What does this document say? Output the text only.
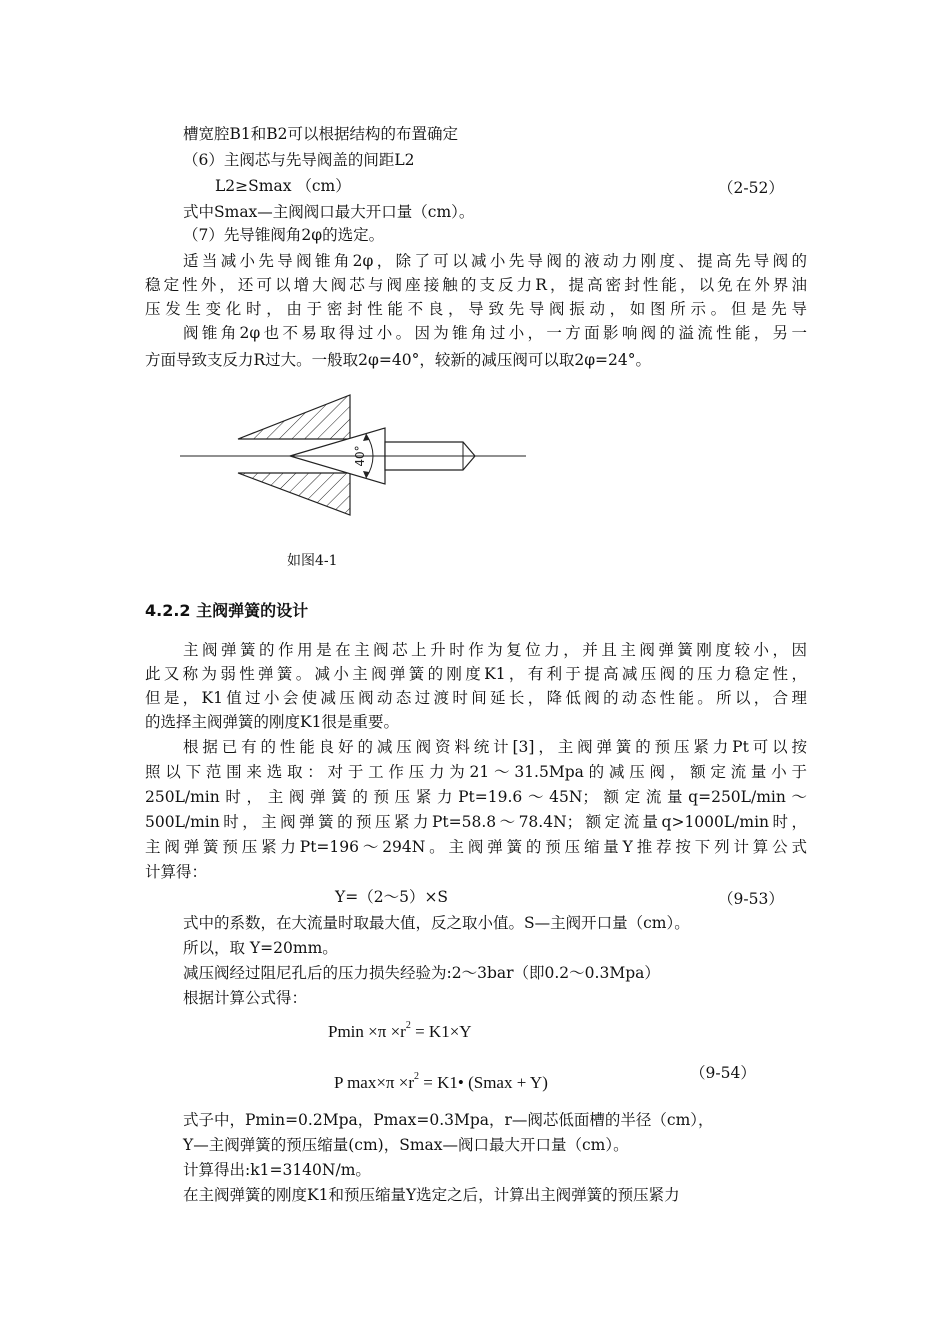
槽宽腔B1和B2可以根据结构的布置确定
（6）主阀芯与先导阀盖的间距L2
L2≥Smax （cm）	（2-52）
式中Smax—主阀阀口最大开口量（cm）。
（7）先导锥阀角2φ的选定。
适当减小先导阀锥角2φ，除了可以减小先导阀的液动力刚度、提高先导阀的
稳定性外，还可以增大阀芯与阀座接触的支反力R，提高密封性能，以免在外界油
压发生变化时，由于密封性能不良，导致先导阀振动，如图所示。但是先导
阀锥角2φ也不易取得过小。因为锥角过小，一方面影响阀的溢流性能，另一
方面导致支反力R过大。一般取2φ=40°，较新的减压阀可以取2φ=24°。
40°
如图4-1
4.2.2 主阀弹簧的设计
主阀弹簧的作用是在主阀芯上升时作为复位力，并且主阀弹簧刚度较小，因
此又称为弱性弹簧。减小主阀弹簧的刚度K1，有利于提高减压阀的压力稳定性，
但是，K1值过小会使减压阀动态过渡时间延长，降低阀的动态性能。所以，合理
的选择主阀弹簧的刚度K1很是重要。
根据已有的性能良好的减压阀资料统计[3]，主阀弹簧的预压紧力Pt可以按
照以下范围来选取：对于工作压力为21～31.5Mpa的减压阀，额定流量小于
250L/min时，主阀弹簧的预压紧力Pt=19.6～45N；额定流量q=250L/min～
500L/min时，主阀弹簧的预压紧力Pt=58.8～78.4N；额定流量q>1000L/min时，
主阀弹簧预压紧力Pt=196～294N。主阀弹簧的预压缩量Y推荐按下列计算公式
计算得：
Y=（2～5）×S	（9-53）
式中的系数，在大流量时取最大值，反之取小值。S—主阀开口量（cm）。
所以，取 Y=20mm。
减压阀经过阻尼孔后的压力损失经验为:2～3bar（即0.2～0.3Mpa）
根据计算公式得：
$Pmin \times\pi \times r^2 = K1\times Y$
P $\max\times\pi \times r^2$ = K1• (Smax + Y)	（9-54）
式子中，Pmin=0.2Mpa，Pmax=0.3Mpa，r—阀芯低面槽的半径（cm），
Y—主阀弹簧的预压缩量(cm)，Smax—阀口最大开口量（cm）。
计算得出:k1=3140N/m。
在主阀弹簧的刚度K1和预压缩量Y选定之后，计算出主阀弹簧的预压紧力
